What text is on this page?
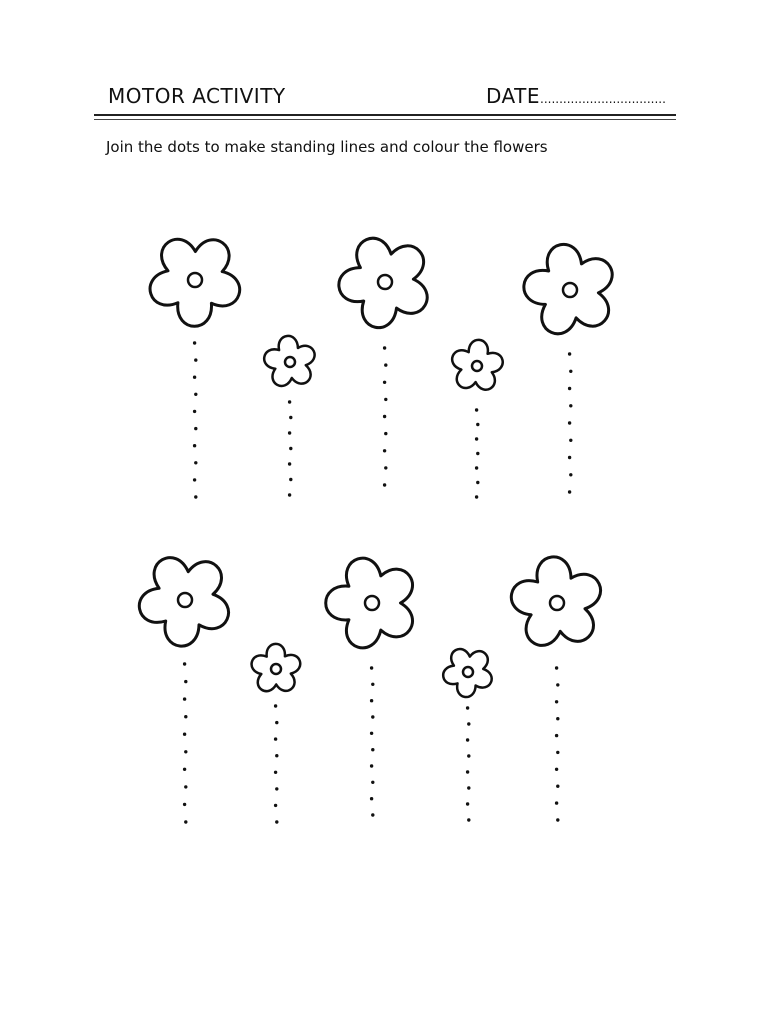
MOTOR ACTIVITY	DATE.................................
Join the dots to make standing lines and colour the flowers
